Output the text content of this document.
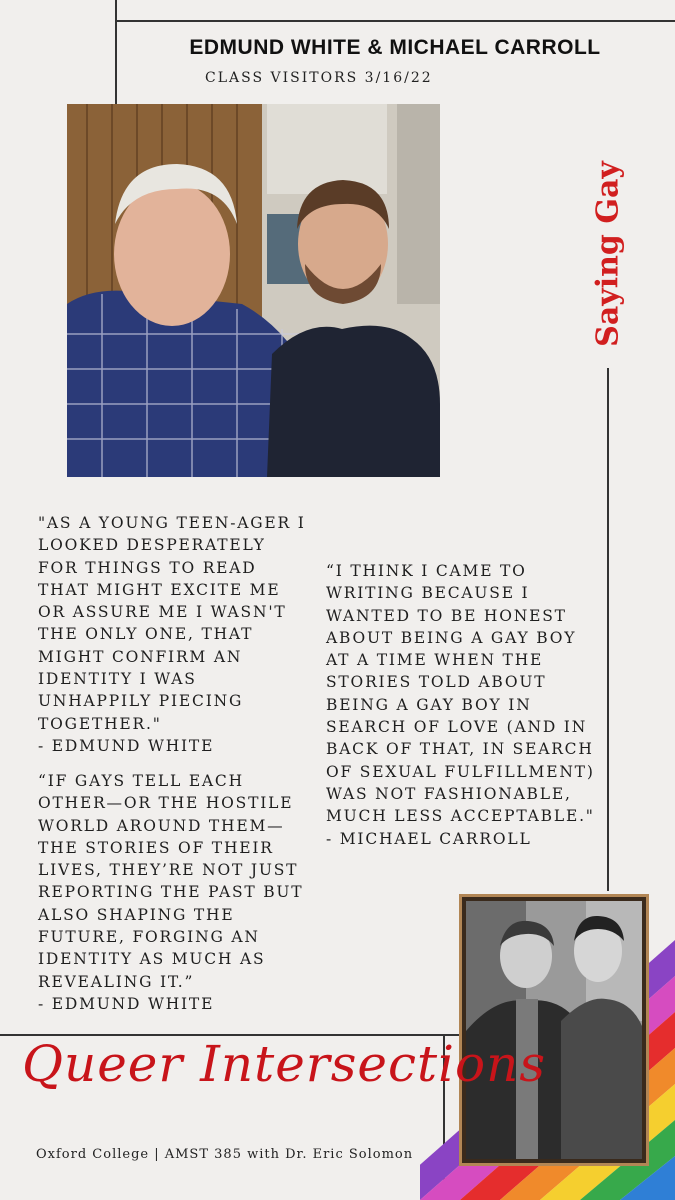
EDMUND WHITE & MICHAEL CARROLL
CLASS VISITORS 3/16/22
Saying Gay
"AS A YOUNG TEEN-AGER I
LOOKED DESPERATELY
FOR THINGS TO READ
THAT MIGHT EXCITE ME
OR ASSURE ME I WASN'T
THE ONLY ONE, THAT
MIGHT CONFIRM AN
IDENTITY I WAS
UNHAPPILY PIECING
TOGETHER."
- EDMUND WHITE
“IF GAYS TELL EACH
OTHER—OR THE HOSTILE
WORLD AROUND THEM—
THE STORIES OF THEIR
LIVES, THEY’RE NOT JUST
REPORTING THE PAST BUT
ALSO SHAPING THE
FUTURE, FORGING AN
IDENTITY AS MUCH AS
REVEALING IT.”
- EDMUND WHITE
“I THINK I CAME TO
WRITING BECAUSE I
WANTED TO BE HONEST
ABOUT BEING A GAY BOY
AT A TIME WHEN THE
STORIES TOLD ABOUT
BEING A GAY BOY IN
SEARCH OF LOVE (AND IN
BACK OF THAT, IN SEARCH
OF SEXUAL FULFILLMENT)
WAS NOT FASHIONABLE,
MUCH LESS ACCEPTABLE."
- MICHAEL CARROLL
Queer Intersections
Oxford College | AMST 385 with Dr. Eric Solomon
